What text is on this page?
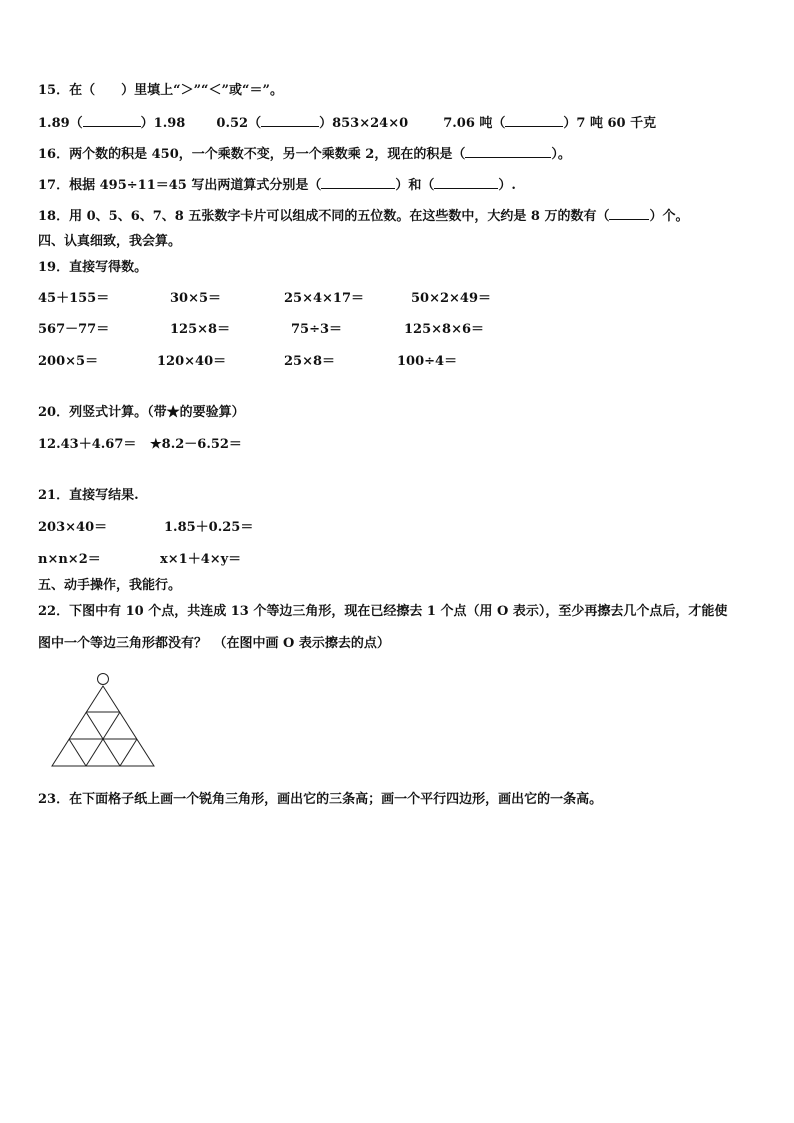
15．在（　　）里填上“＞”“＜”或“＝”。
1.89（	）1.98 0.52（	）853×24×0	7.06 吨（	）7 吨 60 千克
16．两个数的积是 450，一个乘数不变，另一个乘数乘 2，现在的积是（	）。
17．根据 495÷11＝45 写出两道算式分别是（	）和（	）.
18．用 0、5、6、7、8 五张数字卡片可以组成不同的五位数。在这些数中，大约是 8 万的数有（	）个。
四、认真细致，我会算。
19．直接写得数。
45＋155＝	30×5＝	25×4×17＝	50×2×49＝
567－77＝	125×8＝	75÷3＝	125×8×6＝
200×5＝	120×40＝	25×8＝	100÷4＝
20．列竖式计算。（带★的要验算）
12.43＋4.67＝ ★8.2－6.52＝
21．直接写结果.
203×40＝	1.85＋0.25＝
n×n×2＝	x×1＋4×y＝
五、动手操作，我能行。
22．下图中有 10 个点，共连成 13 个等边三角形，现在已经擦去 1 个点（用 O 表示），至少再擦去几个点后，才能使
图中一个等边三角形都没有？　（在图中画 O 表示擦去的点）
23．在下面格子纸上画一个锐角三角形，画出它的三条高；画一个平行四边形，画出它的一条高。
